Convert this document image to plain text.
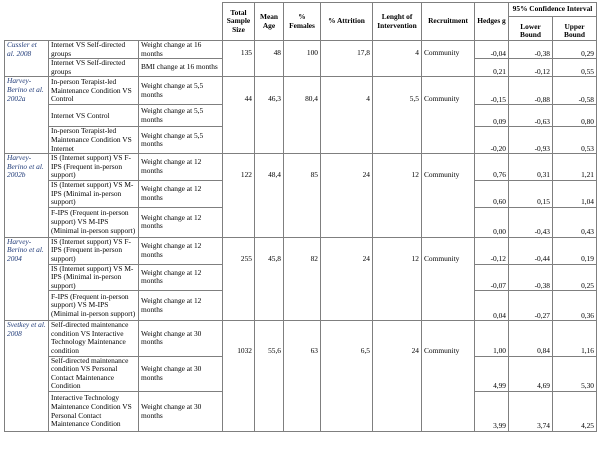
			Total Sample Size	Mean Age	% Females	% Attrition	Lenght of Intervention	Recruitment	Hedges g	95% Confidence Interval	
										Lower Bound	Upper Bound
Cussler et al. 2008	Internet VS Self-directed groups	Weight change at 16 months	135	48	100	17,8	4	Community	-0,04	-0,38	0,29
	Internet VS Self-directed groups	BMI change at 16 months							0,21	-0,12	0,55
Harvey-Berino et al. 2002a	In-person Terapist-led Maintenance Condition VS Control	Weight change at 5,5 months	44	46,3	80,4	4	5,5	Community	-0,15	-0,88	-0,58
	Internet VS Control	Weight change at 5,5 months							0,09	-0,63	0,80
	In-person Terapist-led Maintenance Condition VS Internet	Weight change at 5,5 months							-0,20	-0,93	0,53
Harvey-Berino et al. 2002b	IS (Internet support) VS F-IPS (Frequent in-person support)	Weight change at 12 months	122	48,4	85	24	12	Community	0,76	0,31	1,21
	IS (Internet support) VS M-IPS (Minimal in-person support)	Weight change at 12 months							0,60	0,15	1,04
	F-IPS (Frequent in-person support) VS M-IPS (Minimal in-person support)	Weight change at 12 months							0,00	-0,43	0,43
Harvey-Berino et al. 2004	IS (Internet support) VS F-IPS (Frequent in-person support)	Weight change at 12 months	255	45,8	82	24	12	Community	-0,12	-0,44	0,19
	IS (Internet support) VS M-IPS (Minimal in-person support)	Weight change at 12 months							-0,07	-0,38	0,25
	F-IPS (Frequent in-person support) VS M-IPS (Minimal in-person support)	Weight change at 12 months							0,04	-0,27	0,36
Svetkey et al. 2008	Self-directed maintenance condition VS Interactive Technology Maintenance condition	Weight change at 30 months	1032	55,6	63	6,5	24	Community	1,00	0,84	1,16
	Self-directed maintenance condition VS Personal Contact Maintenance Condition	Weight change at 30 months							4,99	4,69	5,30
	Interactive Technology Maintenance Condition VS Personal Contact Maintenance Condition	Weight change at 30 months							3,99	3,74	4,25
